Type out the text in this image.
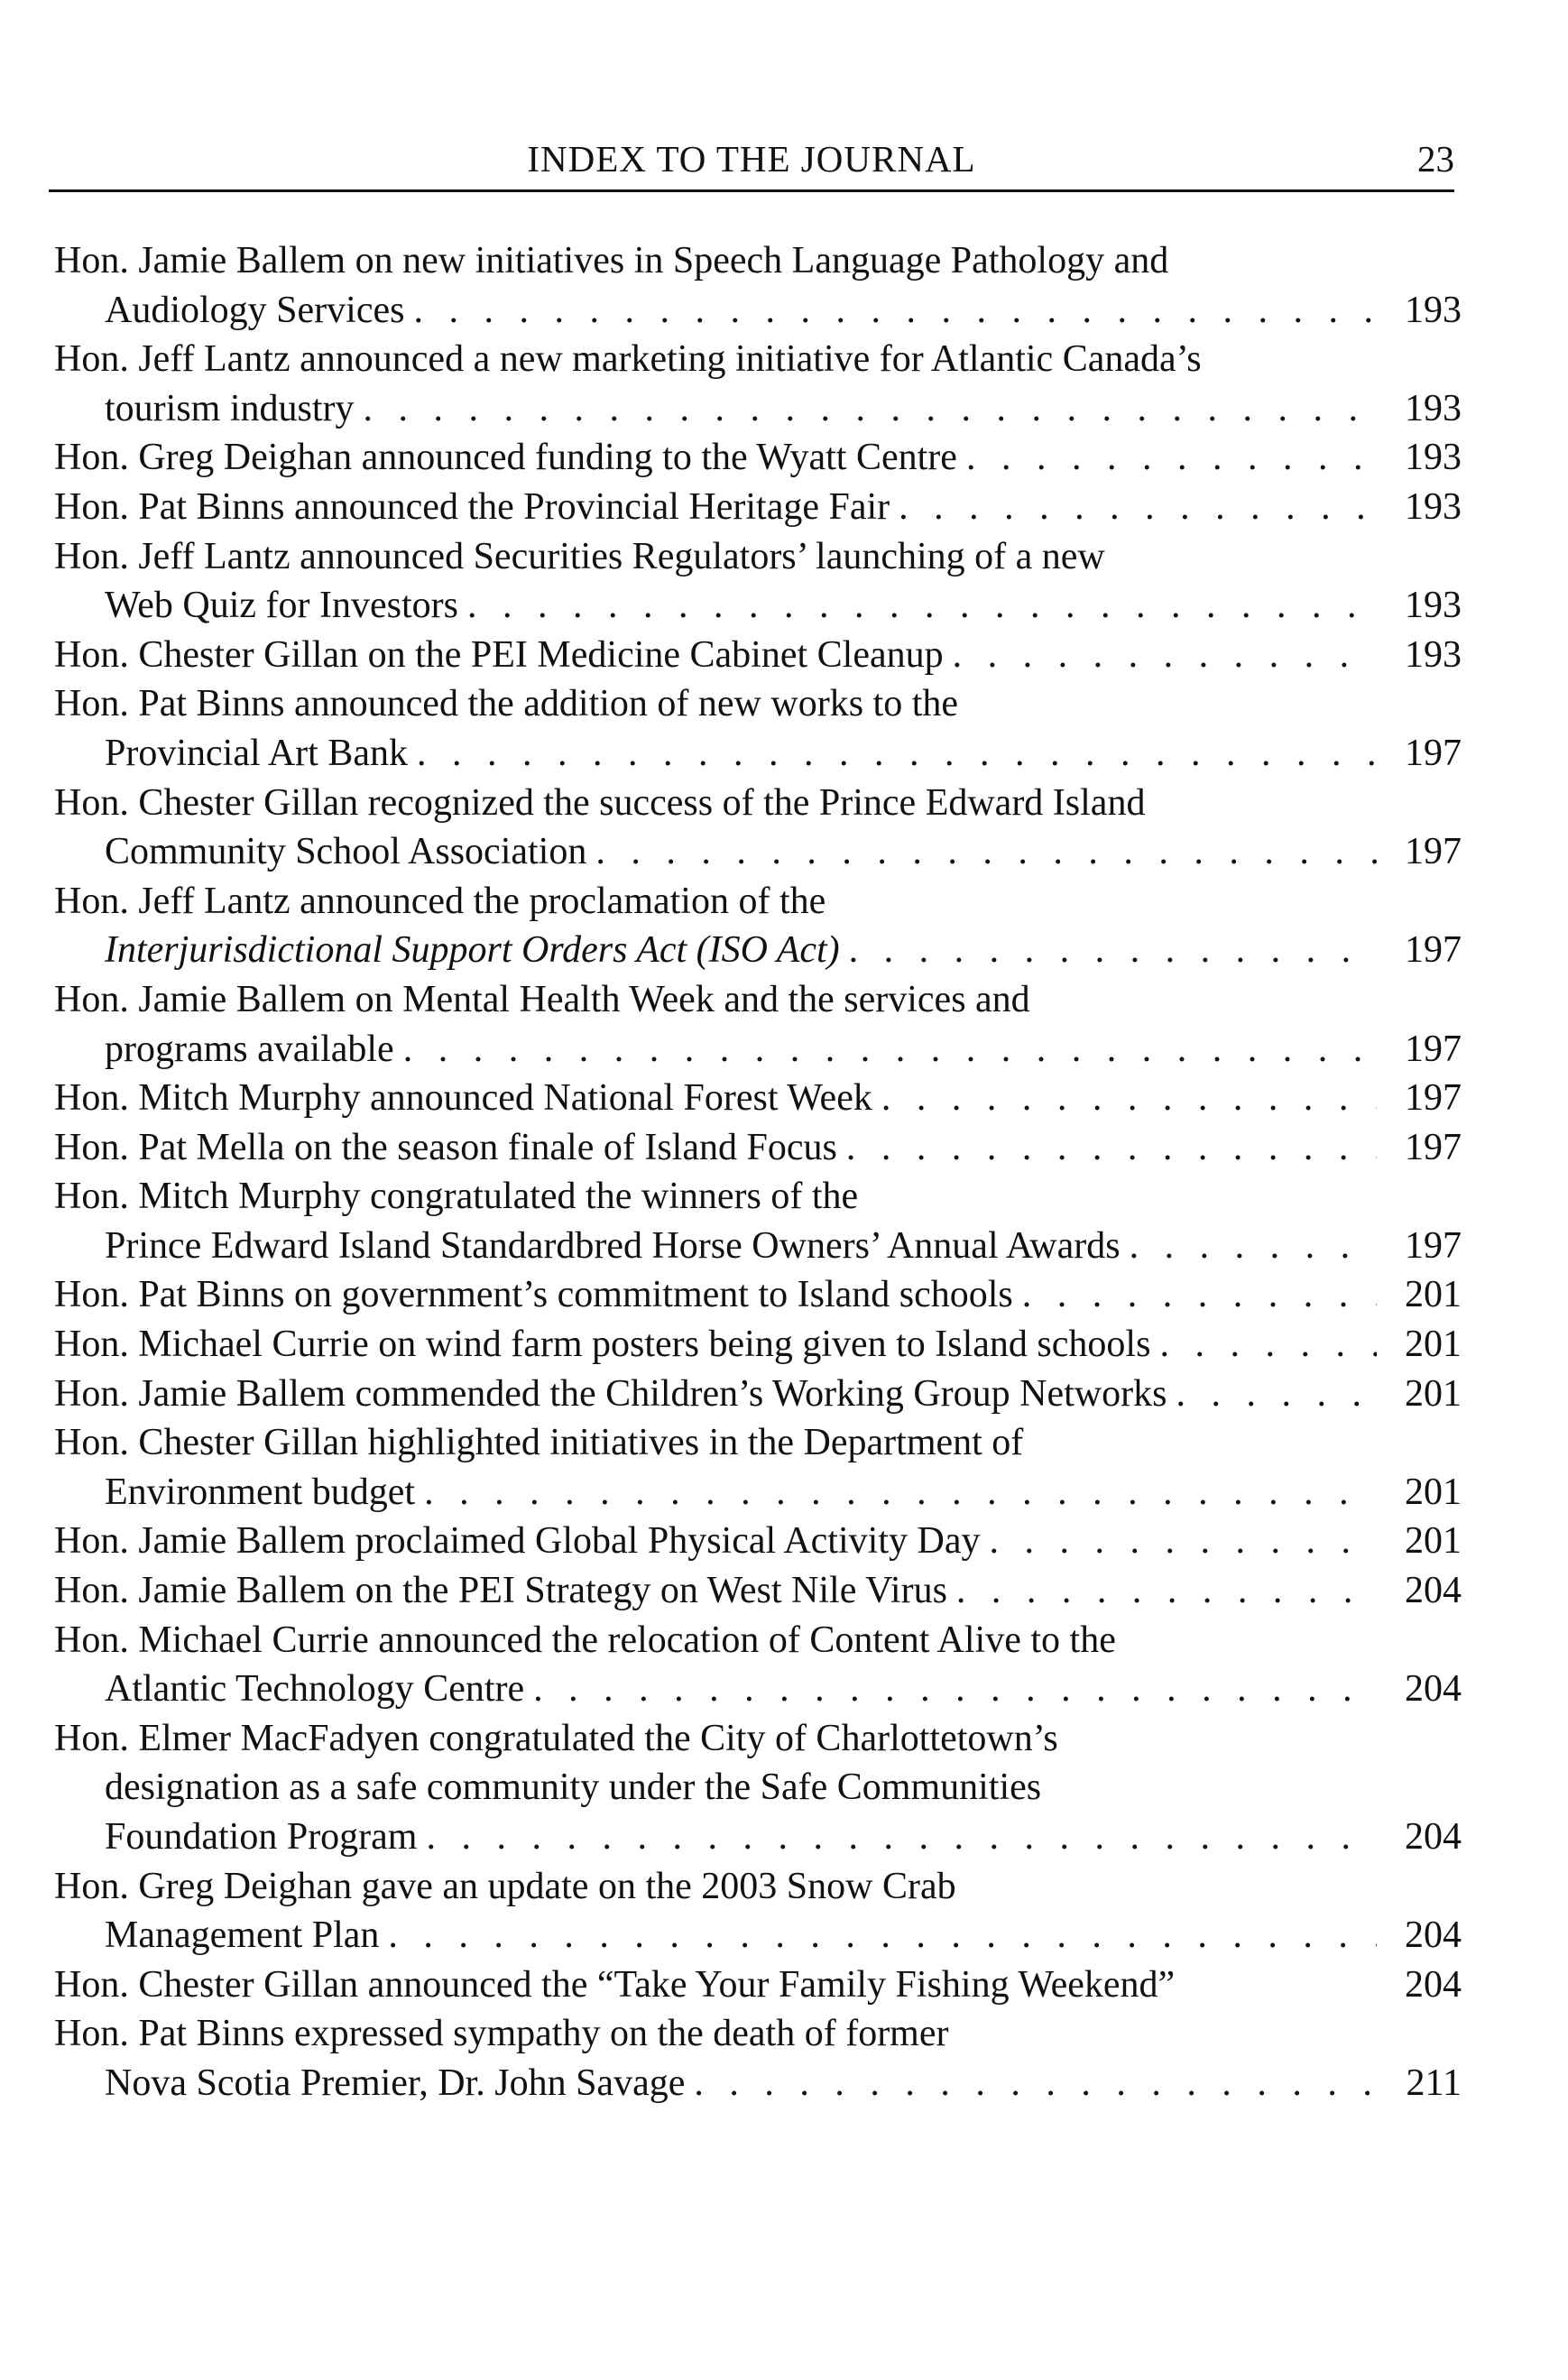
INDEX TO THE JOURNAL	23
Hon. Jamie Ballem on new initiatives in Speech Language Pathology and
Audiology Services . . .	193
Hon. Jeff Lantz announced a new marketing initiative for Atlantic Canada’s
tourism industry . . .	193
Hon. Greg Deighan announced funding to the Wyatt Centre . . .	193
Hon. Pat Binns announced the Provincial Heritage Fair . . .	193
Hon. Jeff Lantz announced Securities Regulators’ launching of a new
Web Quiz for Investors . . .	193
Hon. Chester Gillan on the PEI Medicine Cabinet Cleanup . . .	193
Hon. Pat Binns announced the addition of new works to the
Provincial Art Bank . . .	197
Hon. Chester Gillan recognized the success of the Prince Edward Island
Community School Association . . .	197
Hon. Jeff Lantz announced the proclamation of the
Interjurisdictional Support Orders Act (ISO Act) . . .	197
Hon. Jamie Ballem on Mental Health Week and the services and
programs available . . .	197
Hon. Mitch Murphy announced National Forest Week . . .	197
Hon. Pat Mella on the season finale of Island Focus . . .	197
Hon. Mitch Murphy congratulated the winners of the
Prince Edward Island Standardbred Horse Owners’ Annual Awards . . .	197
Hon. Pat Binns on government’s commitment to Island schools . . .	201
Hon. Michael Currie on wind farm posters being given to Island schools . . .	201
Hon. Jamie Ballem commended the Children’s Working Group Networks . . .	201
Hon. Chester Gillan highlighted initiatives in the Department of
Environment budget . . .	201
Hon. Jamie Ballem proclaimed Global Physical Activity Day . . .	201
Hon. Jamie Ballem on the PEI Strategy on West Nile Virus . . .	204
Hon. Michael Currie announced the relocation of Content Alive to the
Atlantic Technology Centre . . .	204
Hon. Elmer MacFadyen congratulated the City of Charlottetown’s
designation as a safe community under the Safe Communities
Foundation Program . . .	204
Hon. Greg Deighan gave an update on the 2003 Snow Crab
Management Plan . . .	204
Hon. Chester Gillan announced the “Take Your Family Fishing Weekend”	204
Hon. Pat Binns expressed sympathy on the death of former
Nova Scotia Premier, Dr. John Savage . . .	211
